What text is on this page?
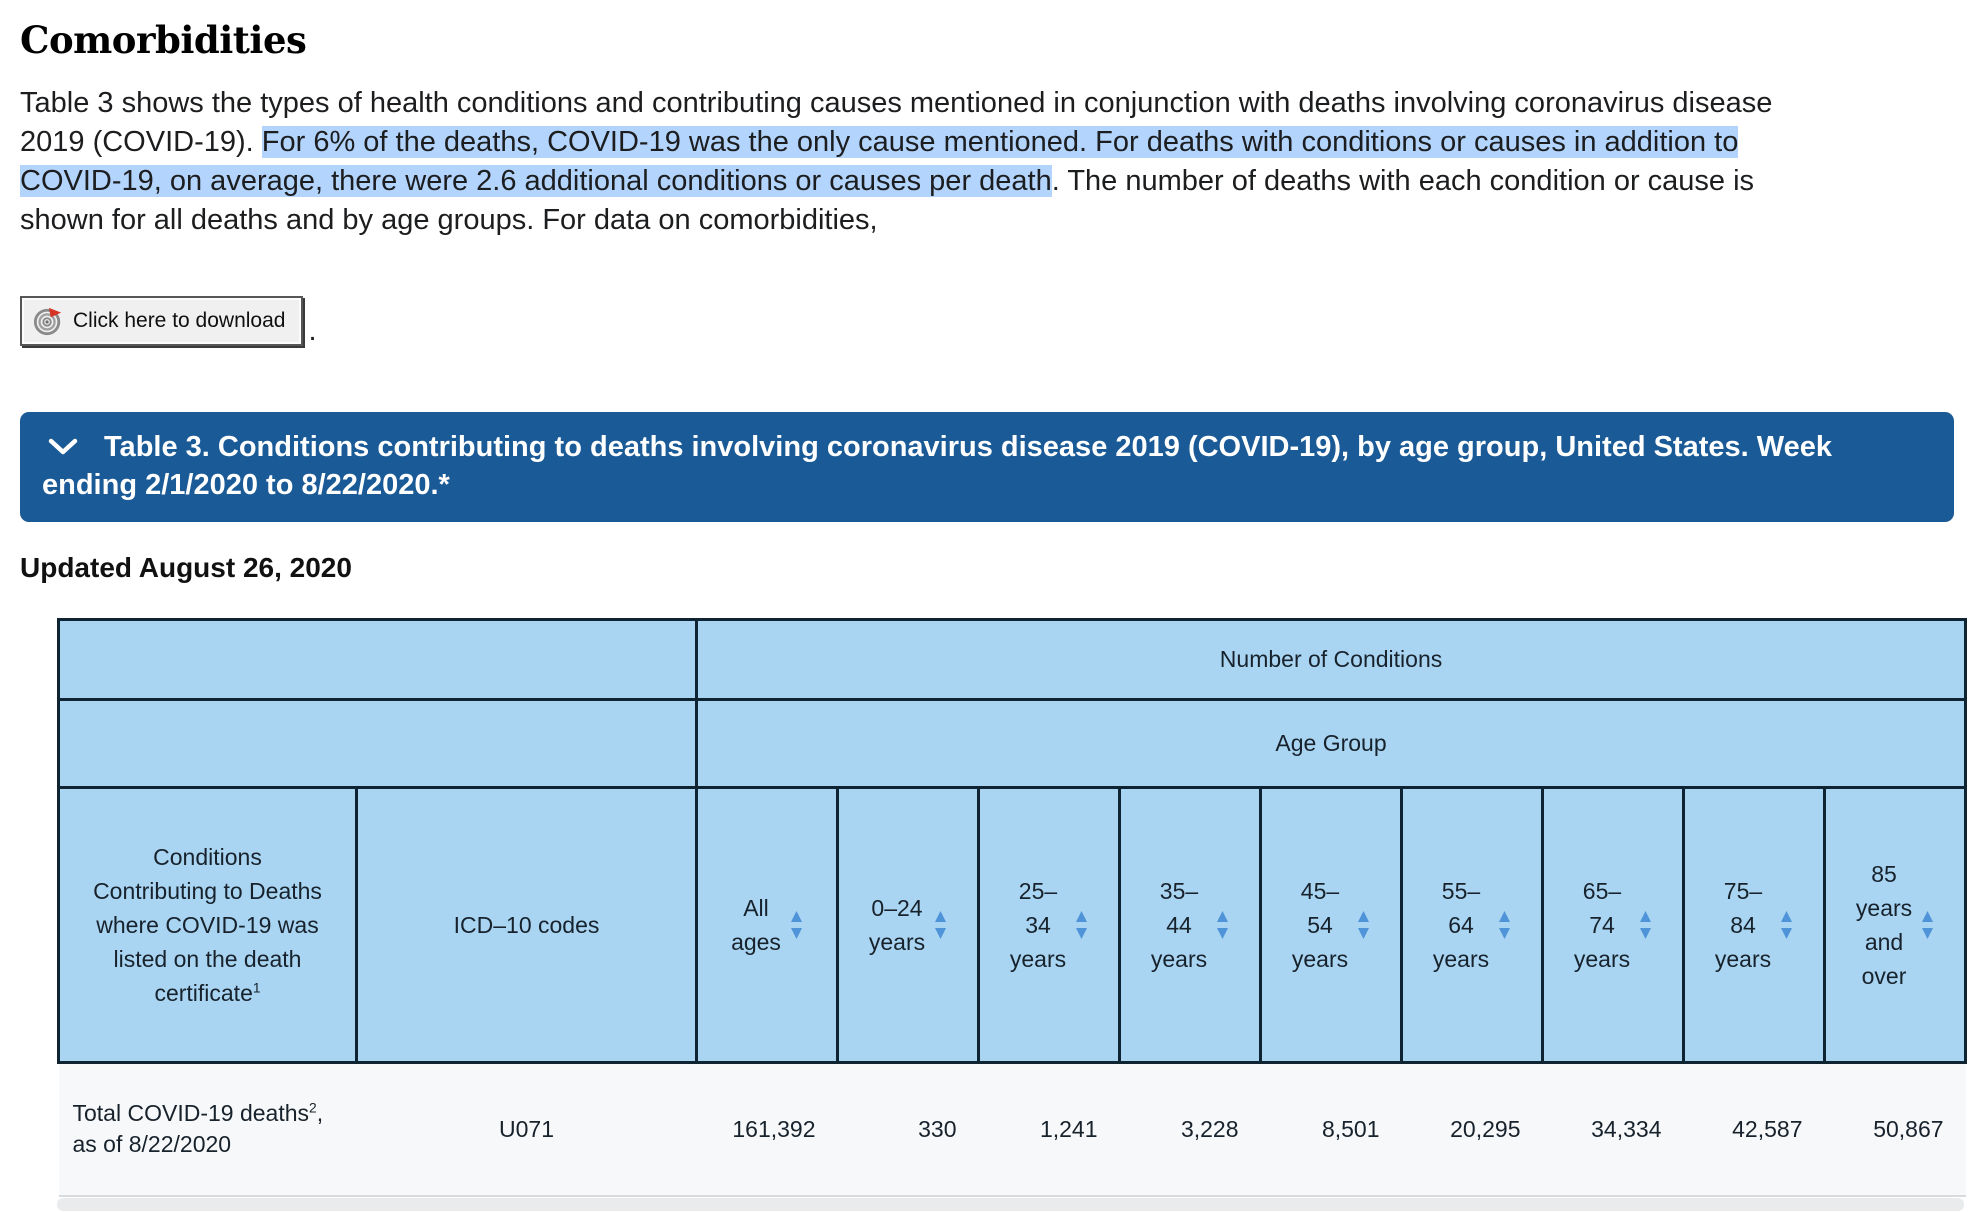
Comorbidities

Table 3 shows the types of health conditions and contributing causes mentioned in conjunction with deaths involving coronavirus disease 2019 (COVID-19). For 6% of the deaths, COVID-19 was the only cause mentioned. For deaths with conditions or causes in addition to COVID-19, on average, there were 2.6 additional conditions or causes per death. The number of deaths with each condition or cause is shown for all deaths and by age groups. For data on comorbidities,

Click here to download .
Table 3. Conditions contributing to deaths involving coronavirus disease 2019 (COVID-19), by age group, United States. Week ending 2/1/2020 to 8/22/2020.*
Updated August 26, 2020
		Number of Conditions								
		Age Group								
Conditions Contributing to Deaths where COVID-19 was listed on the death certificate$^1$	ICD–10 codes	All ages	0–24 years	25–34 years	35–44 years	45–54 years	55–64 years	65–74 years	75–84 years	85 years and over

Total COVID-19 deaths$^2$, as of 8/22/2020	U071	161,392	330	1,241	3,228	8,501	20,295	34,334	42,587	50,867
